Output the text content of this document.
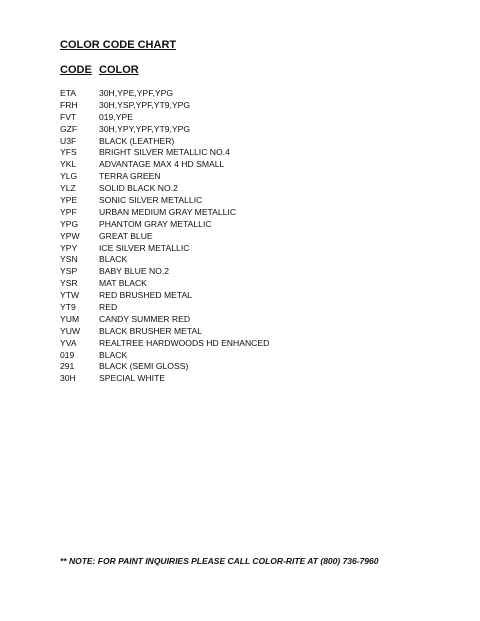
COLOR CODE CHART
CODE COLOR
ETA	30H,YPE,YPF,YPG
FRH 30H,YSP,YPF,YT9,YPG
FVT	019,YPE
GZF	30H,YPY,YPF,YT9,YPG
U3F	BLACK (LEATHER)
YFS	BRIGHT SILVER METALLIC NO.4
YKL	ADVANTAGE MAX 4 HD SMALL
YLG	TERRA GREEN
YLZ	SOLID BLACK NO.2
YPE	SONIC SILVER METALLIC
YPF	URBAN MEDIUM GRAY METALLIC
YPG PHANTOM GRAY METALLIC
YPW GREAT BLUE
YPY	ICE SILVER METALLIC
YSN BLACK
YSP	BABY BLUE NO.2
YSR MAT BLACK
YTW RED BRUSHED METAL
YT9	RED
YUM CANDY SUMMER RED
YUW BLACK BRUSHER METAL
YVA	REALTREE HARDWOODS HD ENHANCED
019	BLACK
291	BLACK (SEMI GLOSS)
30H	SPECIAL WHITE
** NOTE: FOR PAINT INQUIRIES PLEASE CALL COLOR-RITE AT (800) 736-7960
